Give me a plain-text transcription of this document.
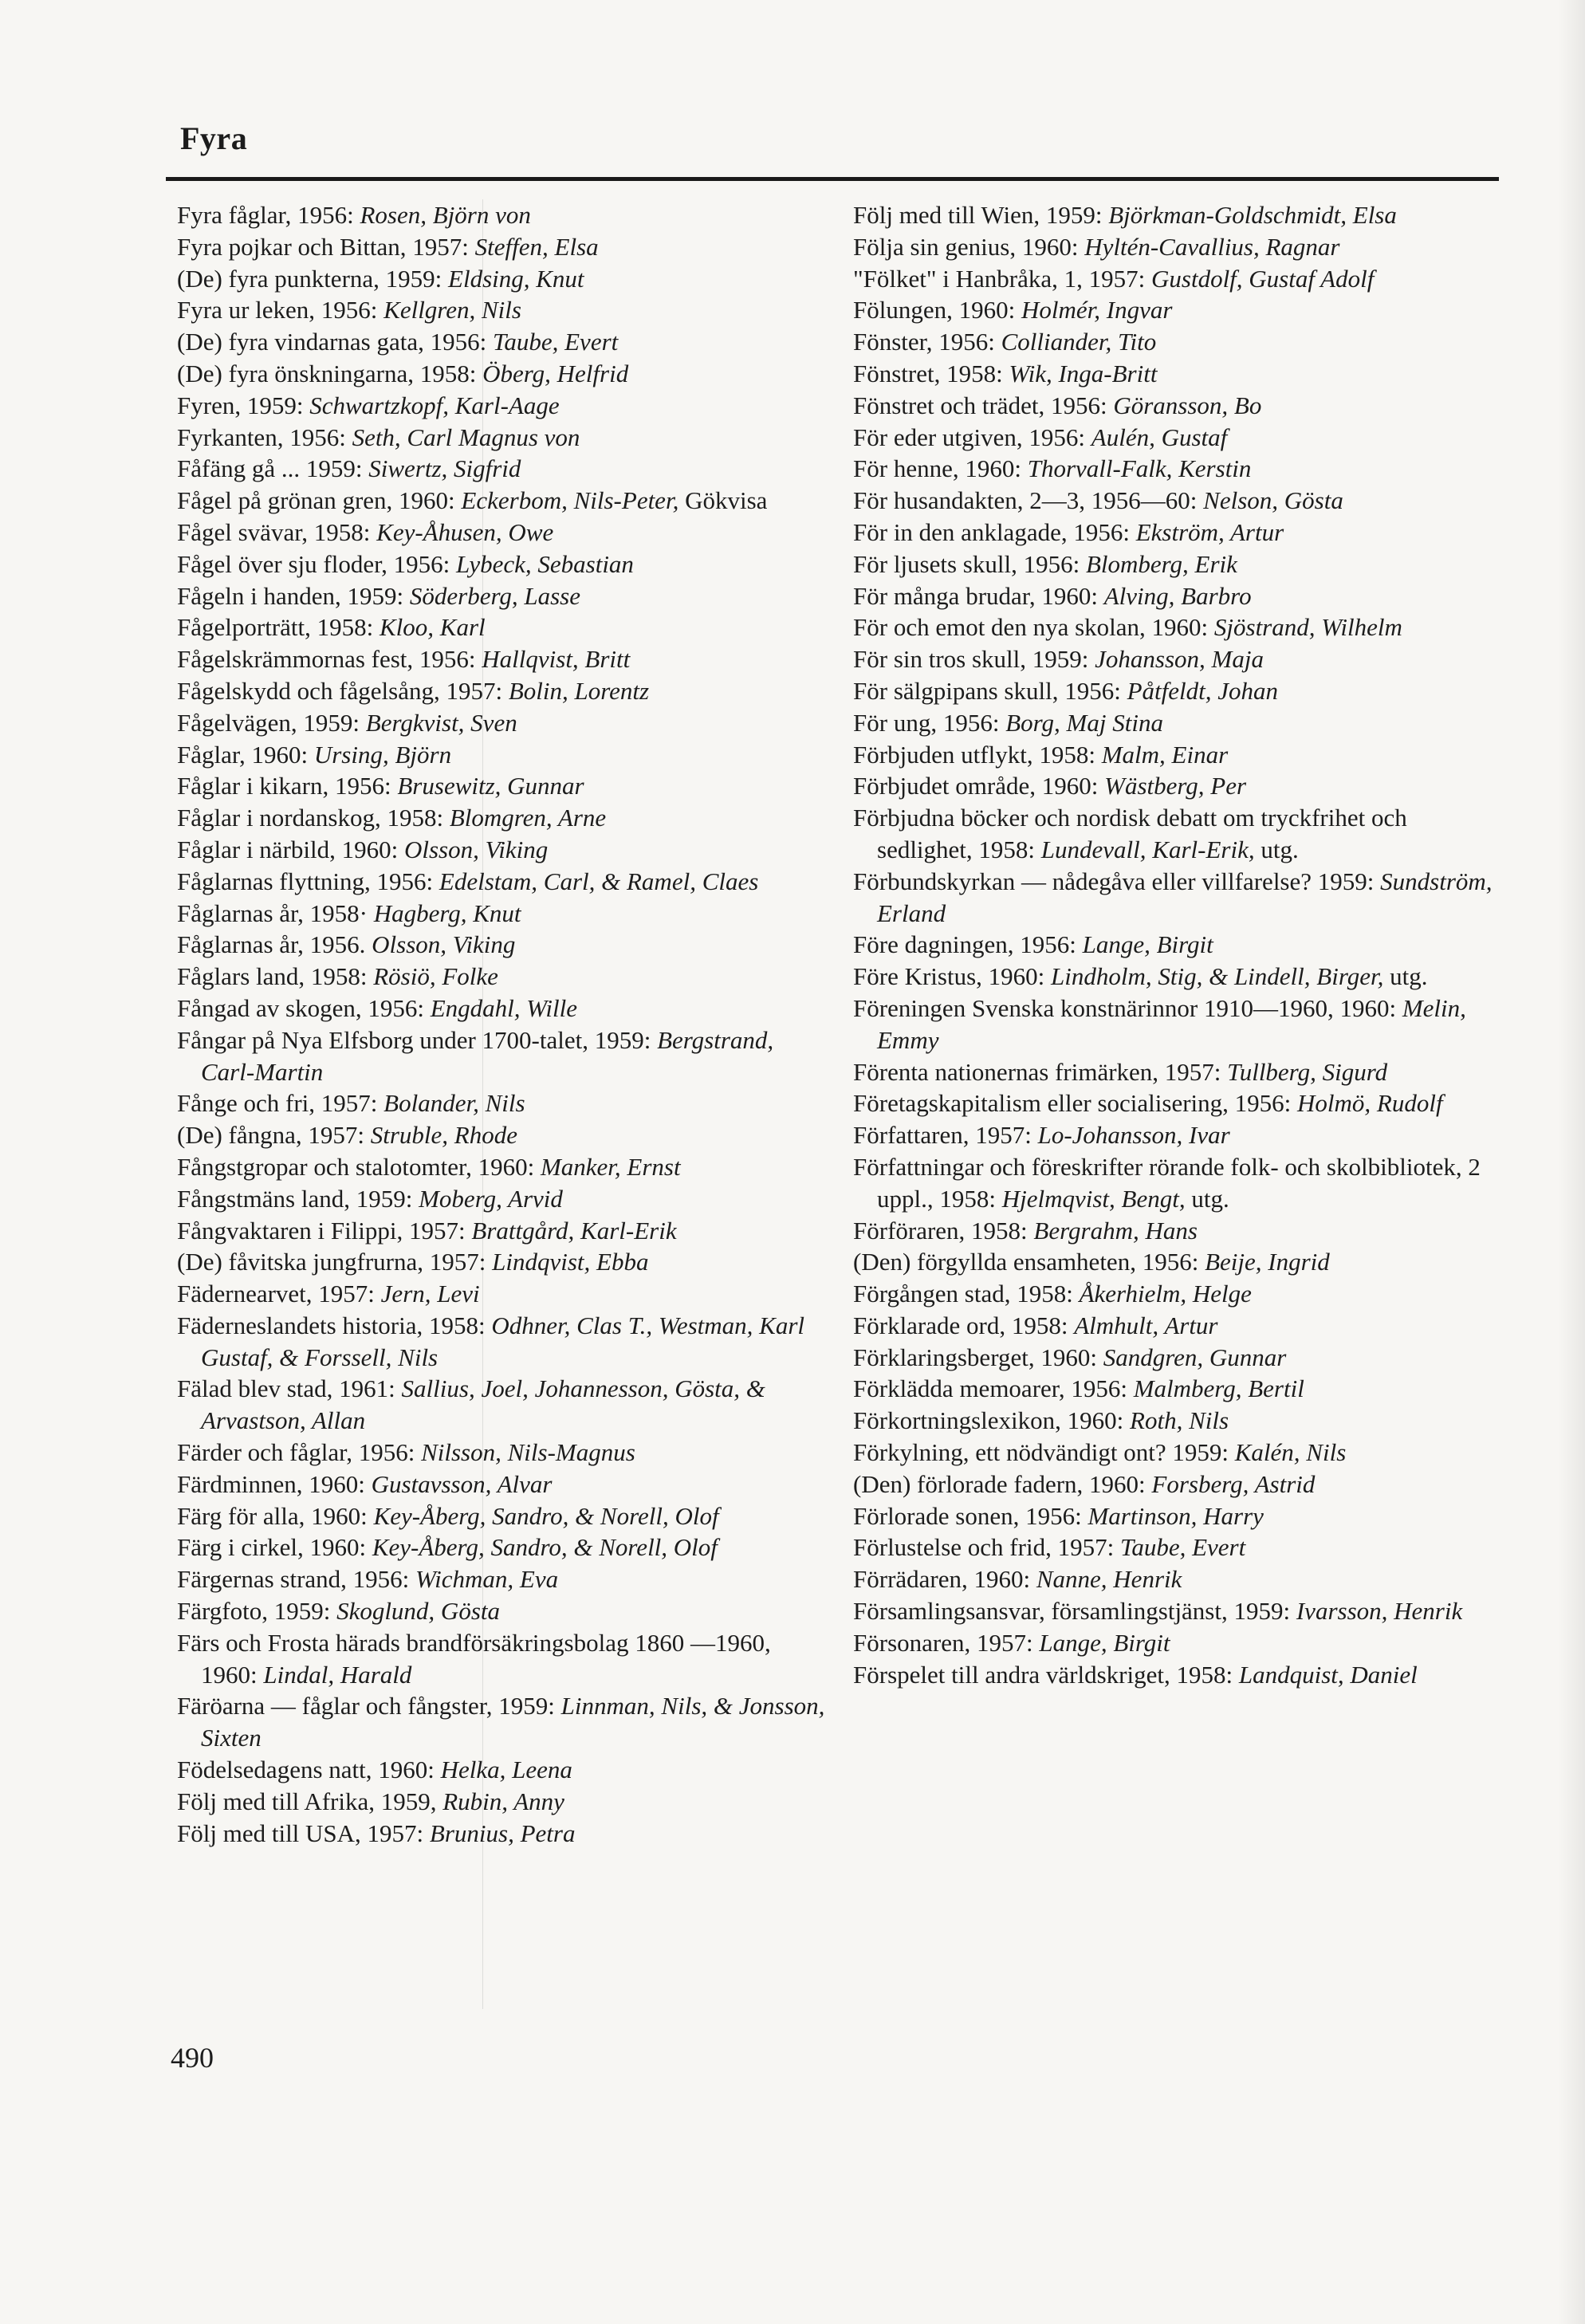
Fyra

Fyra fåglar, 1956: Rosen, Björn von

Fyra pojkar och Bittan, 1957: Steffen, Elsa

(De) fyra punkterna, 1959: Eldsing, Knut

Fyra ur leken, 1956: Kellgren, Nils

(De) fyra vindarnas gata, 1956: Taube, Evert

(De) fyra önskningarna, 1958: Öberg, Helfrid

Fyren, 1959: Schwartzkopf, Karl-Aage

Fyrkanten, 1956: Seth, Carl Magnus von

Fåfäng gå ... 1959: Siwertz, Sigfrid

Fågel på grönan gren, 1960: Eckerbom, Nils-Peter, Gökvisa

Fågel svävar, 1958: Key-Åhusen, Owe

Fågel över sju floder, 1956: Lybeck, Sebastian

Fågeln i handen, 1959: Söderberg, Lasse

Fågelporträtt, 1958: Kloo, Karl

Fågelskrämmornas fest, 1956: Hallqvist, Britt

Fågelskydd och fågelsång, 1957: Bolin, Lorentz

Fågelvägen, 1959: Bergkvist, Sven

Fåglar, 1960: Ursing, Björn

Fåglar i kikarn, 1956: Brusewitz, Gunnar

Fåglar i nordanskog, 1958: Blomgren, Arne

Fåglar i närbild, 1960: Olsson, Viking

Fåglarnas flyttning, 1956: Edelstam, Carl, & Ramel, Claes

Fåglarnas år, 1958· Hagberg, Knut

Fåglarnas år, 1956. Olsson, Viking

Fåglars land, 1958: Rösiö, Folke

Fångad av skogen, 1956: Engdahl, Wille

Fångar på Nya Elfsborg under 1700-talet, 1959: Bergstrand, Carl-Martin

Fånge och fri, 1957: Bolander, Nils

(De) fångna, 1957: Struble, Rhode

Fångstgropar och stalotomter, 1960: Manker, Ernst

Fångstmäns land, 1959: Moberg, Arvid

Fångvaktaren i Filippi, 1957: Brattgård, Karl-Erik

(De) fåvitska jungfrurna, 1957: Lindqvist, Ebba

Fädernearvet, 1957: Jern, Levi

Fäderneslandets historia, 1958: Odhner, Clas T., Westman, Karl Gustaf, & Forssell, Nils

Fälad blev stad, 1961: Sallius, Joel, Johannesson, Gösta, & Arvastson, Allan

Färder och fåglar, 1956: Nilsson, Nils-Magnus

Färdminnen, 1960: Gustavsson, Alvar

Färg för alla, 1960: Key-Åberg, Sandro, & Norell, Olof

Färg i cirkel, 1960: Key-Åberg, Sandro, & Norell, Olof

Färgernas strand, 1956: Wichman, Eva

Färgfoto, 1959: Skoglund, Gösta

Färs och Frosta härads brandförsäkringsbolag 1860 —1960, 1960: Lindal, Harald

Färöarna — fåglar och fångster, 1959: Linnman, Nils, & Jonsson, Sixten

Födelsedagens natt, 1960: Helka, Leena

Följ med till Afrika, 1959, Rubin, Anny

Följ med till USA, 1957: Brunius, Petra

Följ med till Wien, 1959: Björkman-Goldschmidt, Elsa

Följa sin genius, 1960: Hyltén-Cavallius, Ragnar

"Fölket" i Hanbråka, 1, 1957: Gustdolf, Gustaf Adolf

Fölungen, 1960: Holmér, Ingvar

Fönster, 1956: Colliander, Tito

Fönstret, 1958: Wik, Inga-Britt

Fönstret och trädet, 1956: Göransson, Bo

För eder utgiven, 1956: Aulén, Gustaf

För henne, 1960: Thorvall-Falk, Kerstin

För husandakten, 2—3, 1956—60: Nelson, Gösta

För in den anklagade, 1956: Ekström, Artur

För ljusets skull, 1956: Blomberg, Erik

För många brudar, 1960: Alving, Barbro

För och emot den nya skolan, 1960: Sjöstrand, Wilhelm

För sin tros skull, 1959: Johansson, Maja

För sälgpipans skull, 1956: Påtfeldt, Johan

För ung, 1956: Borg, Maj Stina

Förbjuden utflykt, 1958: Malm, Einar

Förbjudet område, 1960: Wästberg, Per

Förbjudna böcker och nordisk debatt om tryckfrihet och sedlighet, 1958: Lundevall, Karl-Erik, utg.

Förbundskyrkan — nådegåva eller villfarelse? 1959: Sundström, Erland

Före dagningen, 1956: Lange, Birgit

Före Kristus, 1960: Lindholm, Stig, & Lindell, Birger, utg.

Föreningen Svenska konstnärinnor 1910—1960, 1960: Melin, Emmy

Förenta nationernas frimärken, 1957: Tullberg, Sigurd

Företagskapitalism eller socialisering, 1956: Holmö, Rudolf

Författaren, 1957: Lo-Johansson, Ivar

Författningar och föreskrifter rörande folk- och skolbibliotek, 2 uppl., 1958: Hjelmqvist, Bengt, utg.

Förföraren, 1958: Bergrahm, Hans

(Den) förgyllda ensamheten, 1956: Beije, Ingrid

Förgången stad, 1958: Åkerhielm, Helge

Förklarade ord, 1958: Almhult, Artur

Förklaringsberget, 1960: Sandgren, Gunnar

Förklädda memoarer, 1956: Malmberg, Bertil

Förkortningslexikon, 1960: Roth, Nils

Förkylning, ett nödvändigt ont? 1959: Kalén, Nils

(Den) förlorade fadern, 1960: Forsberg, Astrid

Förlorade sonen, 1956: Martinson, Harry

Förlustelse och frid, 1957: Taube, Evert

Förrädaren, 1960: Nanne, Henrik

Församlingsansvar, församlingstjänst, 1959: Ivarsson, Henrik

Försonaren, 1957: Lange, Birgit

Förspelet till andra världskriget, 1958: Landquist, Daniel

490
